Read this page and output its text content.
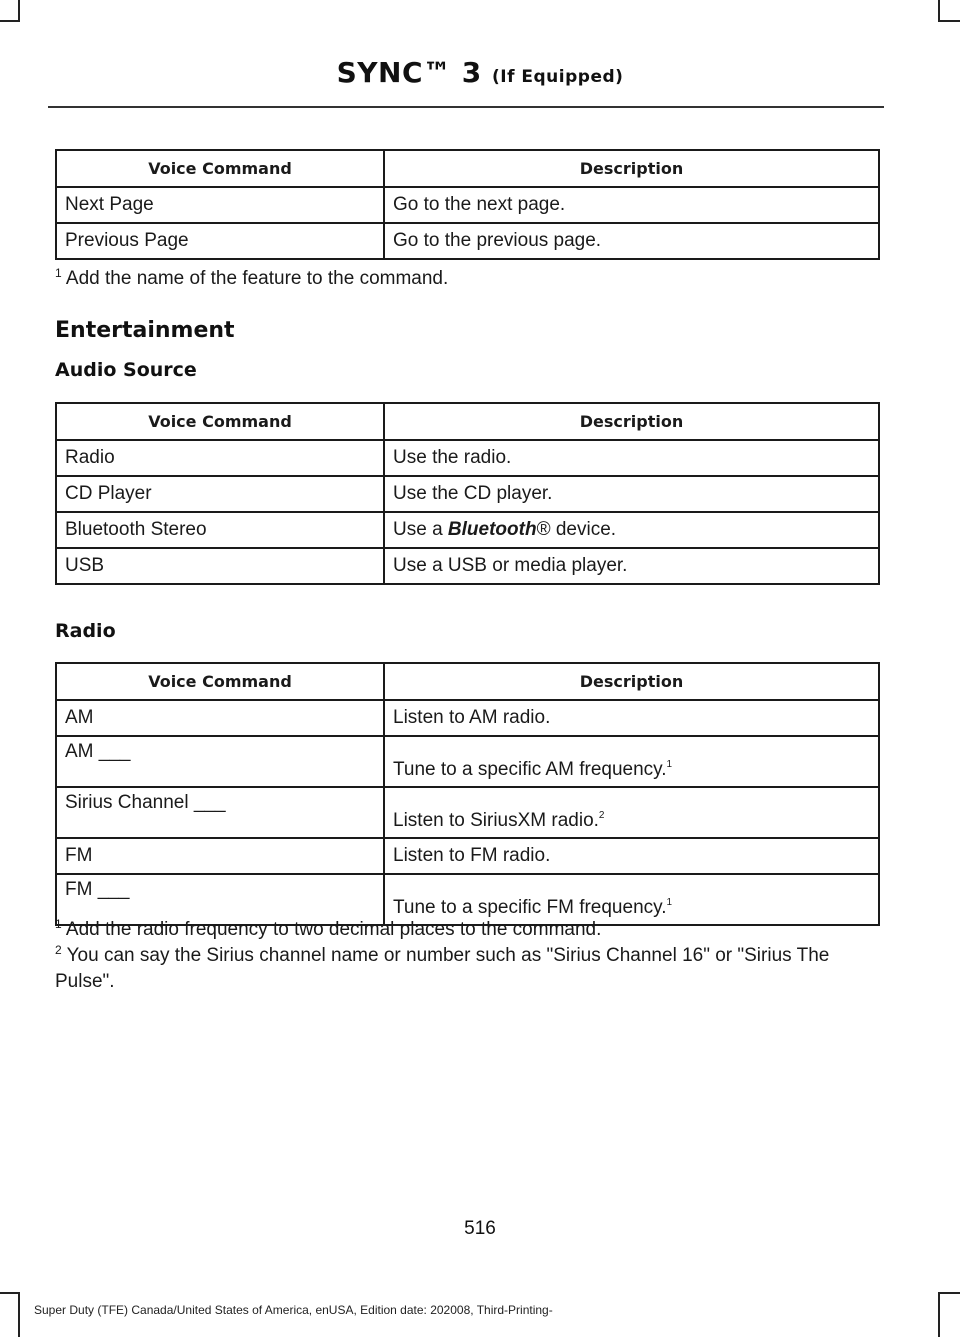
SYNC™ 3 (If Equipped)
Voice Command	Description
Next Page	Go to the next page.
Previous Page	Go to the previous page.
$^1$ Add the name of the feature to the command.
Entertainment
Audio Source
Voice Command	Description
Radio	Use the radio.
CD Player	Use the CD player.
Bluetooth Stereo	Use a Bluetooth® device.
USB	Use a USB or media player.
Radio
Voice Command	Description
AM	Listen to AM radio.
AM ___	Tune to a specific AM frequency.$^1$
Sirius Channel ___	Listen to SiriusXM radio.$^2$
FM	Listen to FM radio.
FM ___	Tune to a specific FM frequency.$^1$
$^1$ Add the radio frequency to two decimal places to the command.
$^2$ You can say the Sirius channel name or number such as "Sirius Channel 16" or "Sirius The Pulse".
516
Super Duty (TFE) Canada/United States of America, enUSA, Edition date: 202008, Third-Printing-
